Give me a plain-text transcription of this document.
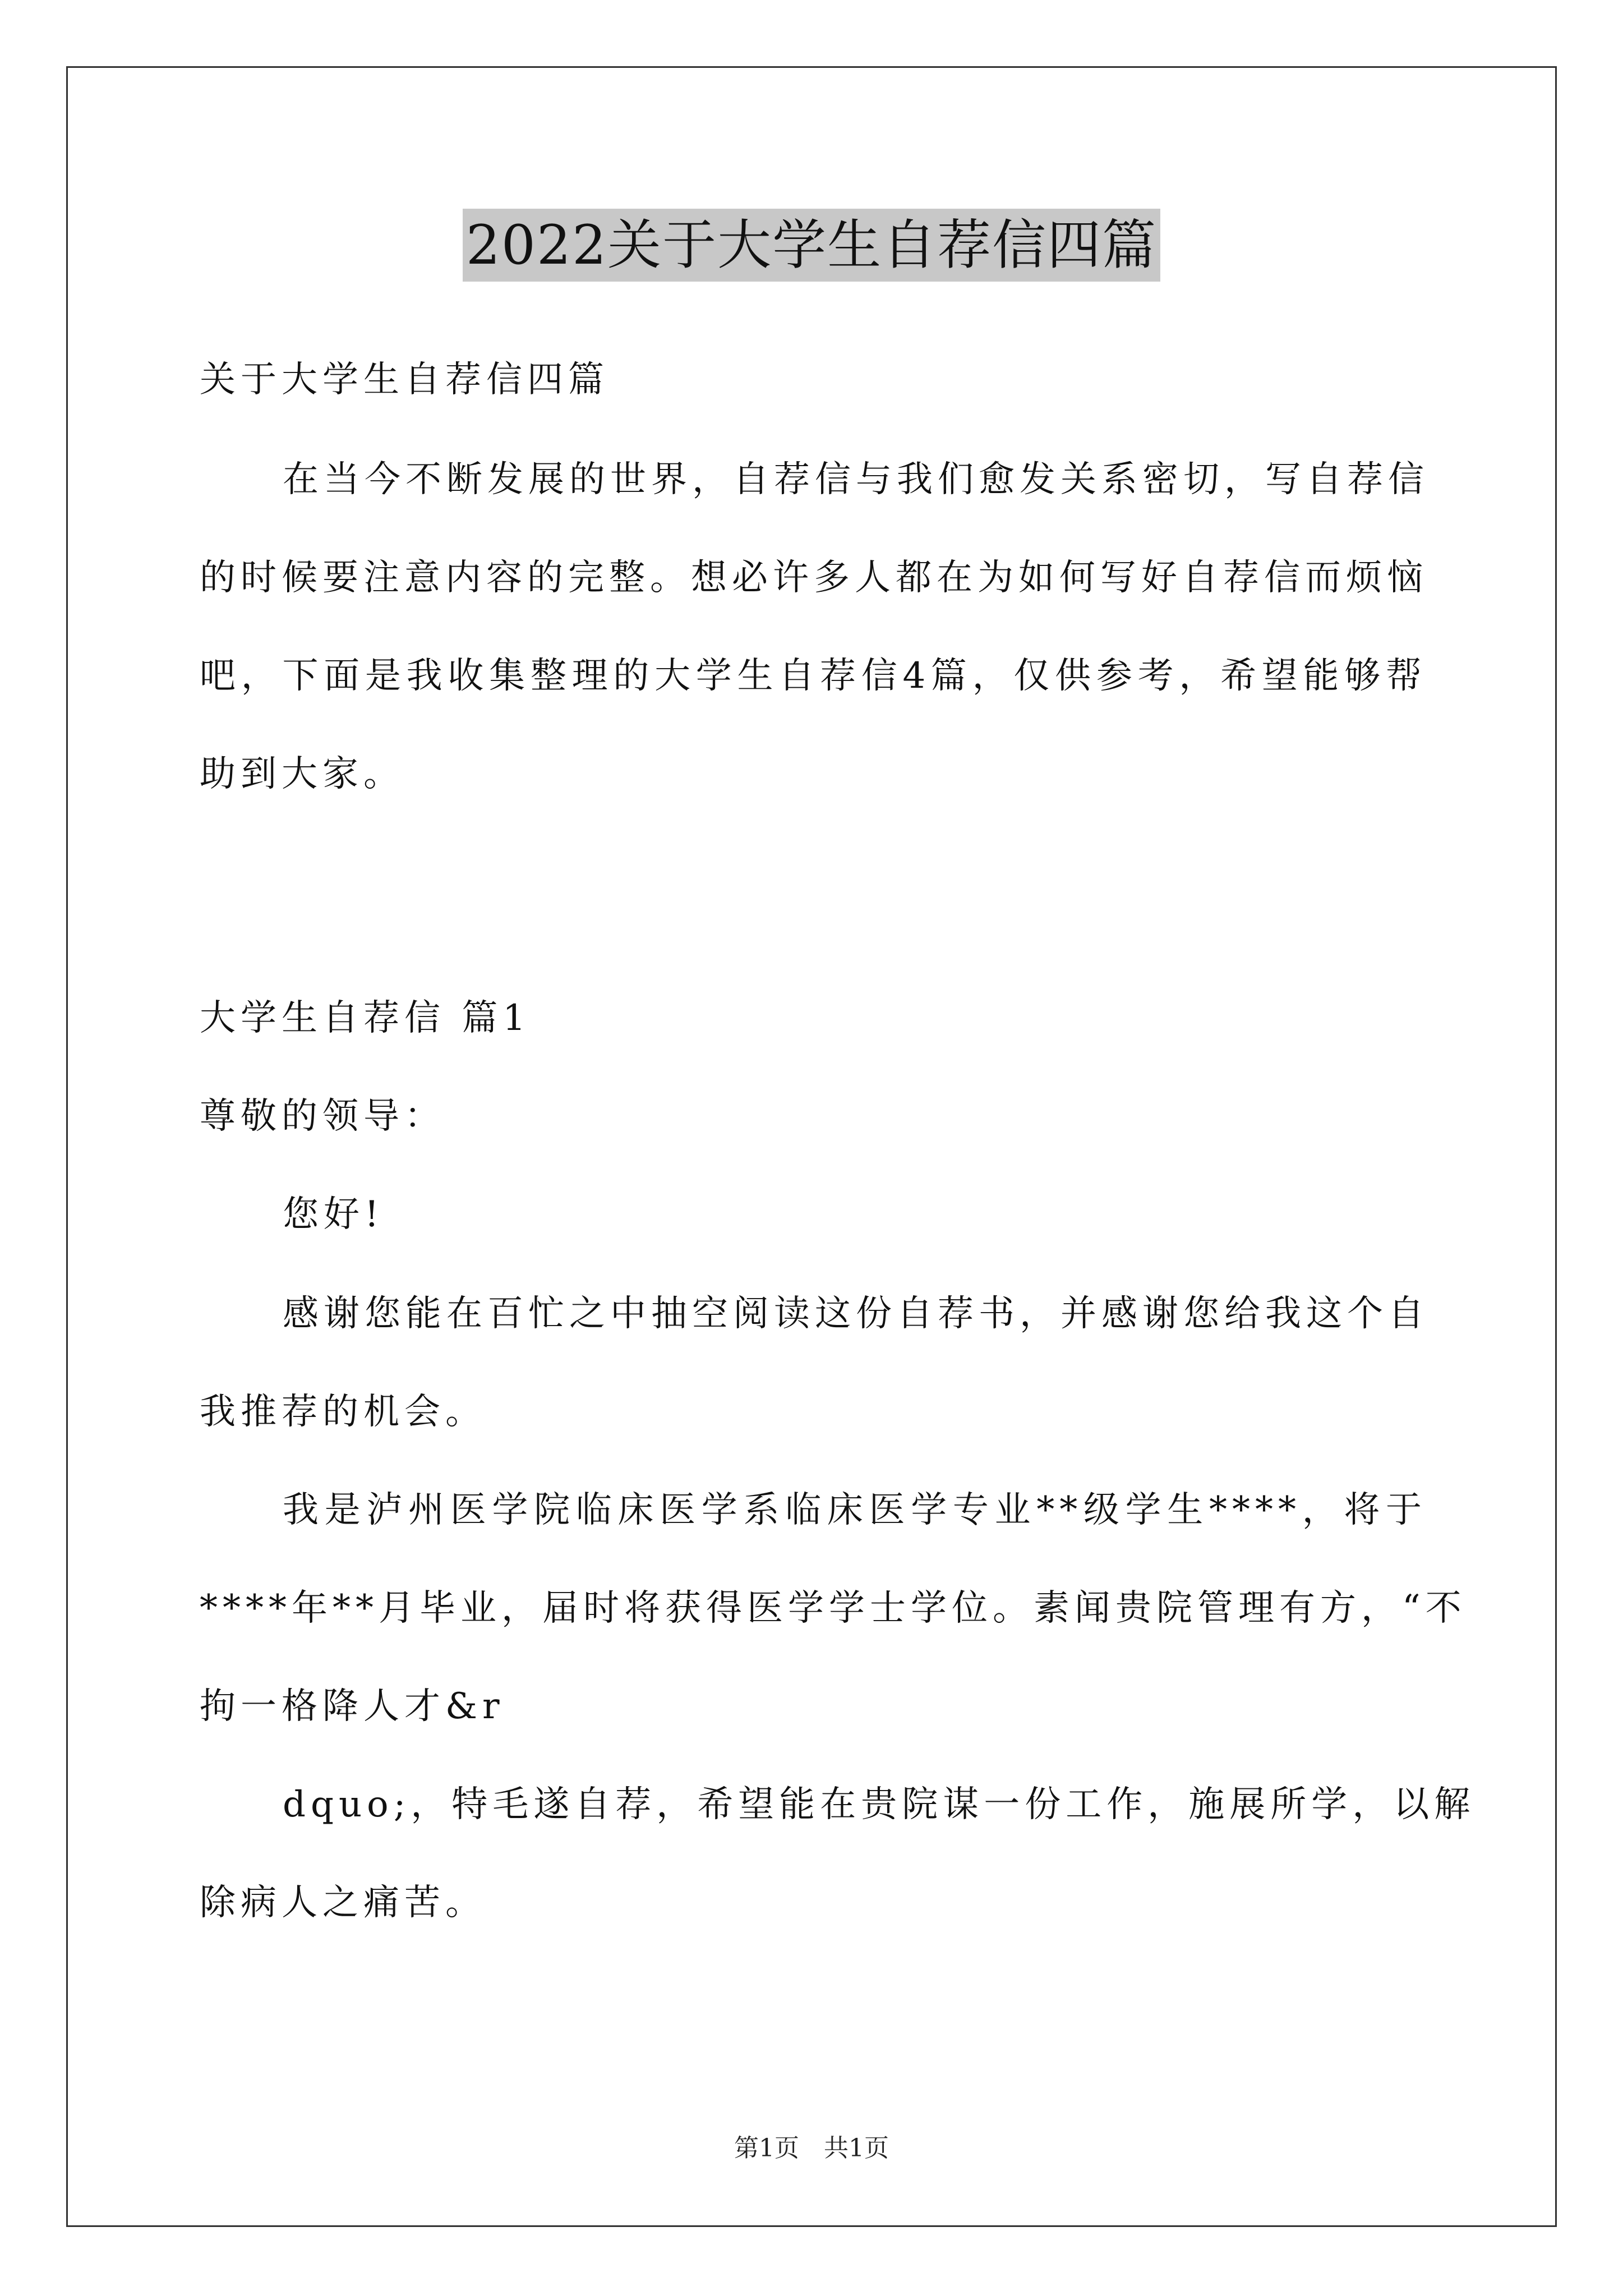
2022关于大学生自荐信四篇
关于大学生自荐信四篇
在当今不断发展的世界，自荐信与我们愈发关系密切，写自荐信
的时候要注意内容的完整。想必许多人都在为如何写好自荐信而烦恼
吧，下面是我收集整理的大学生自荐信4篇，仅供参考，希望能够帮
助到大家。
大学生自荐信 篇1
尊敬的领导：
您好!
感谢您能在百忙之中抽空阅读这份自荐书，并感谢您给我这个自
我推荐的机会。
我是泸州医学院临床医学系临床医学专业**级学生****，将于
****年**月毕业，届时将获得医学学士学位。素闻贵院管理有方，“不
拘一格降人才&r
dquo;，特毛遂自荐，希望能在贵院谋一份工作，施展所学，以解
除病人之痛苦。
第1页 共1页
